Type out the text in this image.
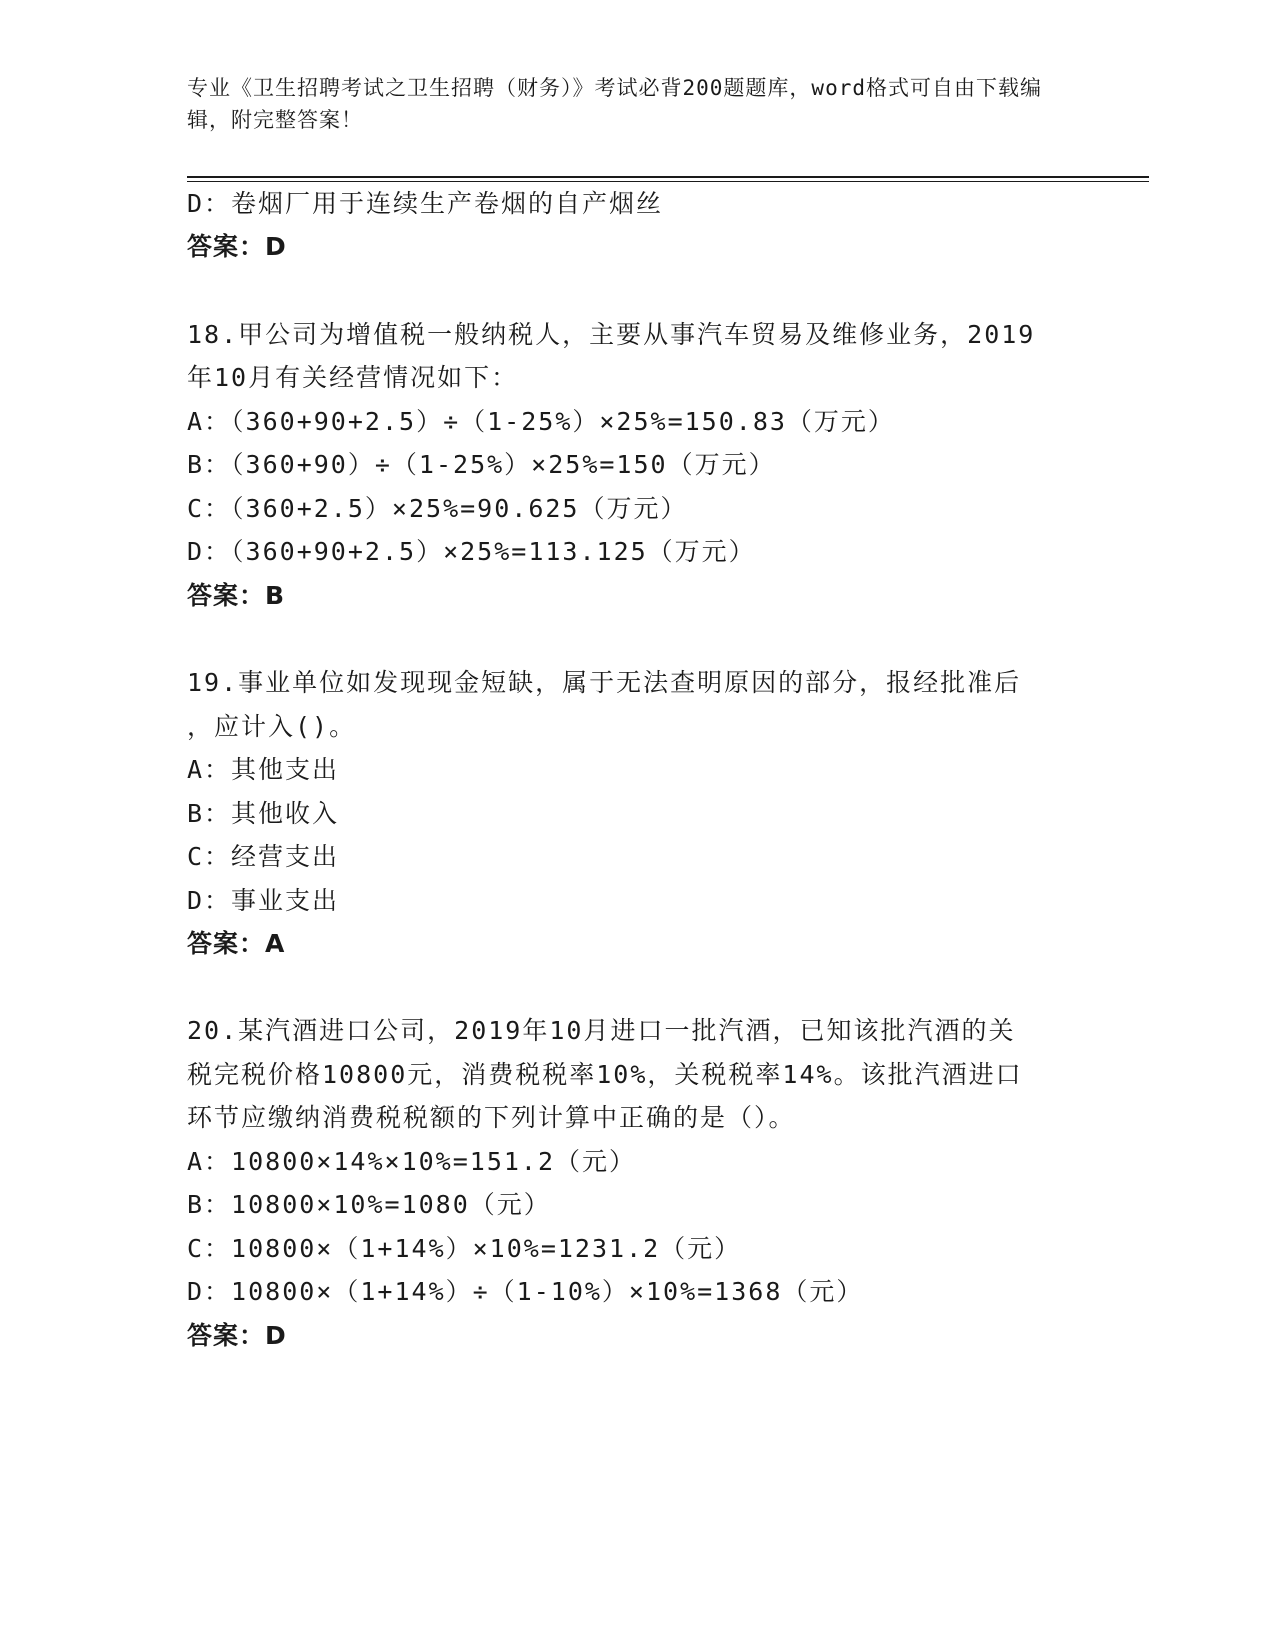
专业《卫生招聘考试之卫生招聘（财务）》考试必背200题题库，word格式可自由下载编辑，附完整答案！

D：卷烟厂用于连续生产卷烟的自产烟丝

答案：D

18.甲公司为增值税一般纳税人，主要从事汽车贸易及维修业务，2019

年10月有关经营情况如下：

A：（360+90+2.5）÷（1-25%）×25%=150.83（万元）

B：（360+90）÷（1-25%）×25%=150（万元）

C：（360+2.5）×25%=90.625（万元）

D：（360+90+2.5）×25%=113.125（万元）

答案：B

19.事业单位如发现现金短缺，属于无法查明原因的部分，报经批准后

，应计入()。

A：其他支出

B：其他收入

C：经营支出

D：事业支出

答案：A

20.某汽酒进口公司，2019年10月进口一批汽酒，已知该批汽酒的关

税完税价格10800元，消费税税率10%，关税税率14%。该批汽酒进口

环节应缴纳消费税税额的下列计算中正确的是（）。

A：10800×14%×10%=151.2（元）

B：10800×10%=1080（元）

C：10800×（1+14%）×10%=1231.2（元）

D：10800×（1+14%）÷（1-10%）×10%=1368（元）

答案：D
